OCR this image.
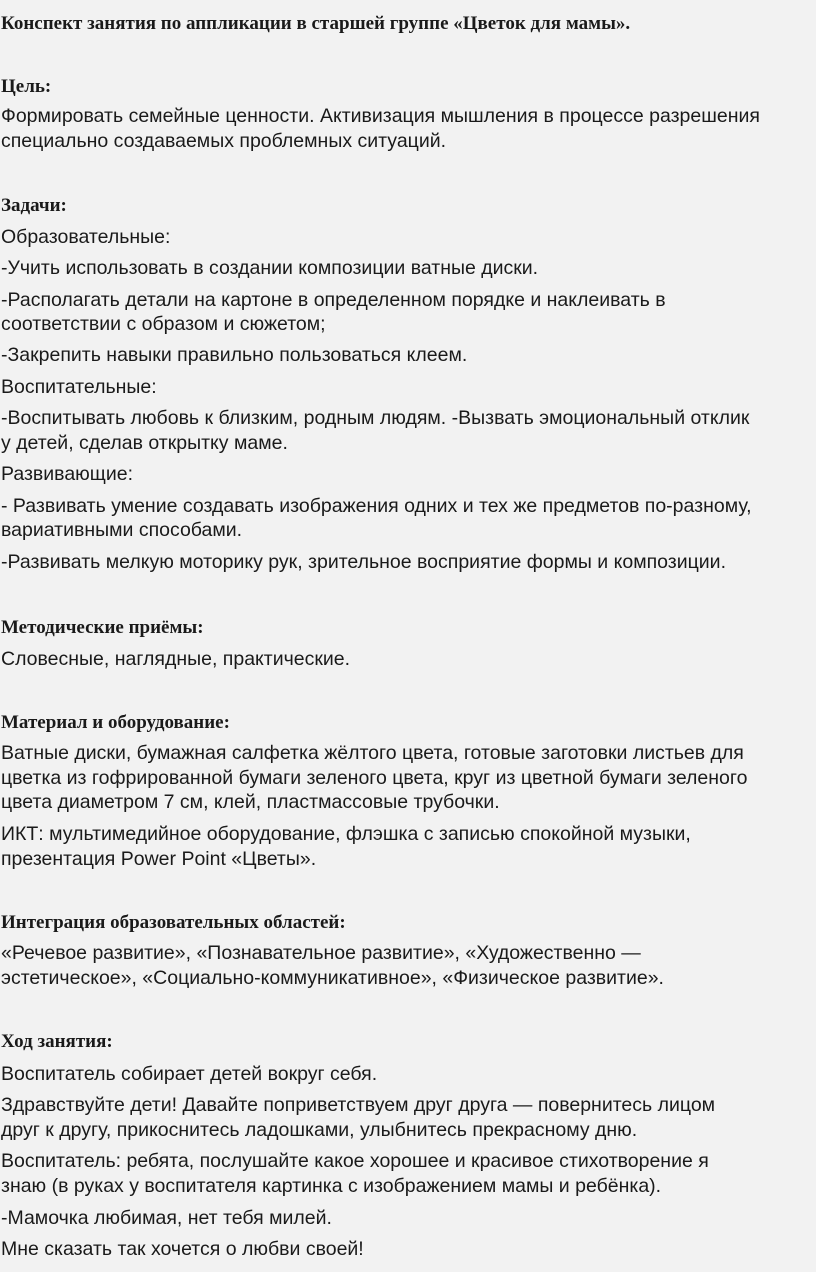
Конспект занятия по аппликации в старшей группе «Цветок для мамы».
Цель:

Формировать семейные ценности. Активизация мышления в процессе разрешения

специально создаваемых проблемных ситуаций.

Задачи:

Образовательные:

-Учить использовать в создании композиции ватные диски.

-Располагать детали на картоне в определенном порядке и наклеивать в

соответствии с образом и сюжетом;

-Закрепить навыки правильно пользоваться клеем.

Воспитательные:

-Воспитывать любовь к близким, родным людям. -Вызвать эмоциональный отклик

у детей, сделав открытку маме.

Развивающие:

- Развивать умение создавать изображения одних и тех же предметов по-разному,

вариативными способами.

-Развивать мелкую моторику рук, зрительное восприятие формы и композиции.

Методические приёмы:

Словесные, наглядные, практические.

Материал и оборудование:

Ватные диски, бумажная салфетка жёлтого цвета, готовые заготовки листьев для

цветка из гофрированной бумаги зеленого цвета, круг из цветной бумаги зеленого

цвета диаметром 7 см, клей, пластмассовые трубочки.

ИКТ: мультимедийное оборудование, флэшка с записью спокойной музыки,

презентация Power Point «Цветы».

Интеграция образовательных областей:

«Речевое развитие», «Познавательное развитие», «Художественно —

эстетическое», «Социально-коммуникативное», «Физическое развитие».

Ход занятия:

Воспитатель собирает детей вокруг себя.

Здравствуйте дети! Давайте поприветствуем друг друга — повернитесь лицом

друг к другу, прикоснитесь ладошками, улыбнитесь прекрасному дню.

Воспитатель: ребята, послушайте какое хорошее и красивое стихотворение я

знаю (в руках у воспитателя картинка с изображением мамы и ребёнка).

-Мамочка любимая, нет тебя милей.

Мне сказать так хочется о любви своей!
